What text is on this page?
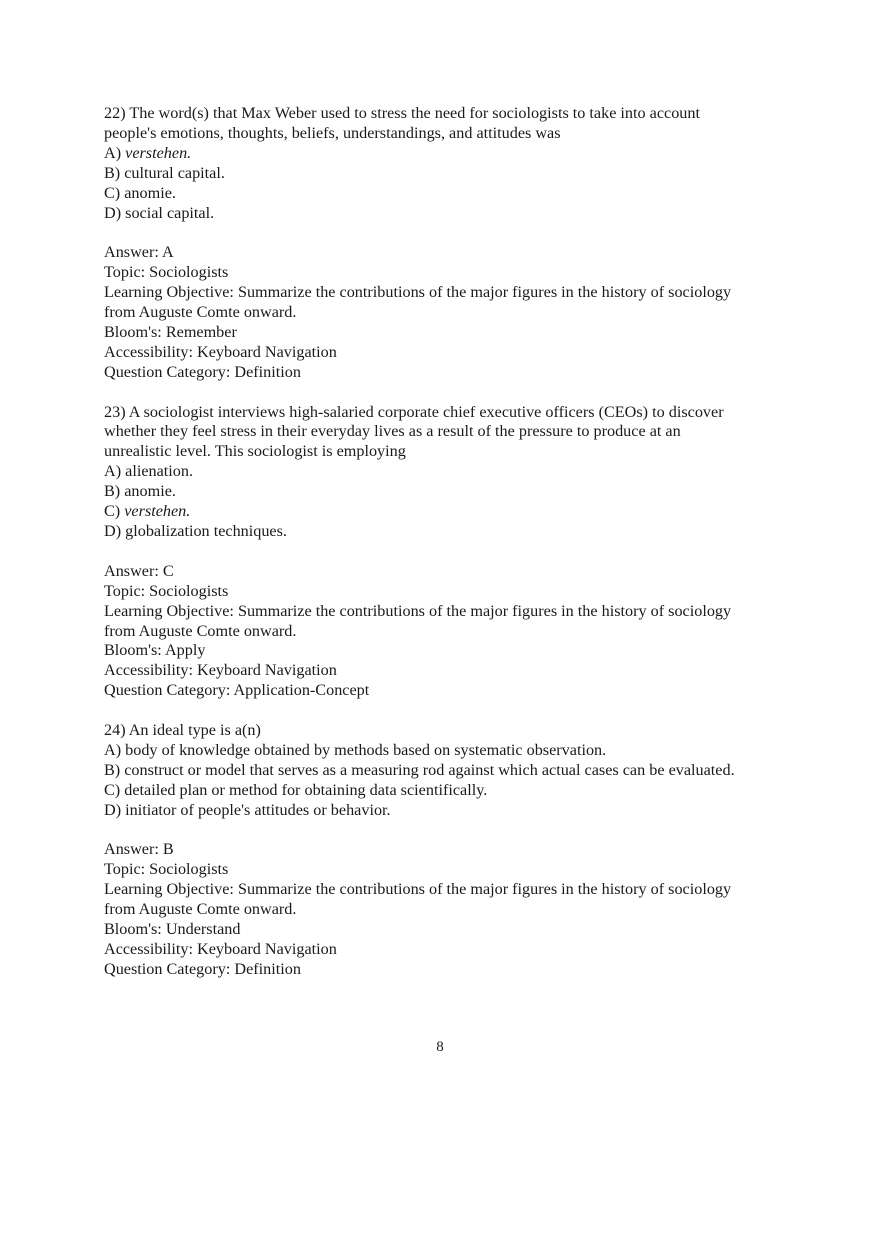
22) The word(s) that Max Weber used to stress the need for sociologists to take into account
people's emotions, thoughts, beliefs, understandings, and attitudes was
A) verstehen.
B) cultural capital.
C) anomie.
D) social capital.
Answer: A
Topic: Sociologists
Learning Objective: Summarize the contributions of the major figures in the history of sociology
from Auguste Comte onward.
Bloom's: Remember
Accessibility: Keyboard Navigation
Question Category: Definition
23) A sociologist interviews high-salaried corporate chief executive officers (CEOs) to discover
whether they feel stress in their everyday lives as a result of the pressure to produce at an
unrealistic level. This sociologist is employing
A) alienation.
B) anomie.
C) verstehen.
D) globalization techniques.
Answer: C
Topic: Sociologists
Learning Objective: Summarize the contributions of the major figures in the history of sociology
from Auguste Comte onward.
Bloom's: Apply
Accessibility: Keyboard Navigation
Question Category: Application-Concept
24) An ideal type is a(n)
A) body of knowledge obtained by methods based on systematic observation.
B) construct or model that serves as a measuring rod against which actual cases can be evaluated.
C) detailed plan or method for obtaining data scientifically.
D) initiator of people's attitudes or behavior.
Answer: B
Topic: Sociologists
Learning Objective: Summarize the contributions of the major figures in the history of sociology
from Auguste Comte onward.
Bloom's: Understand
Accessibility: Keyboard Navigation
Question Category: Definition
8
